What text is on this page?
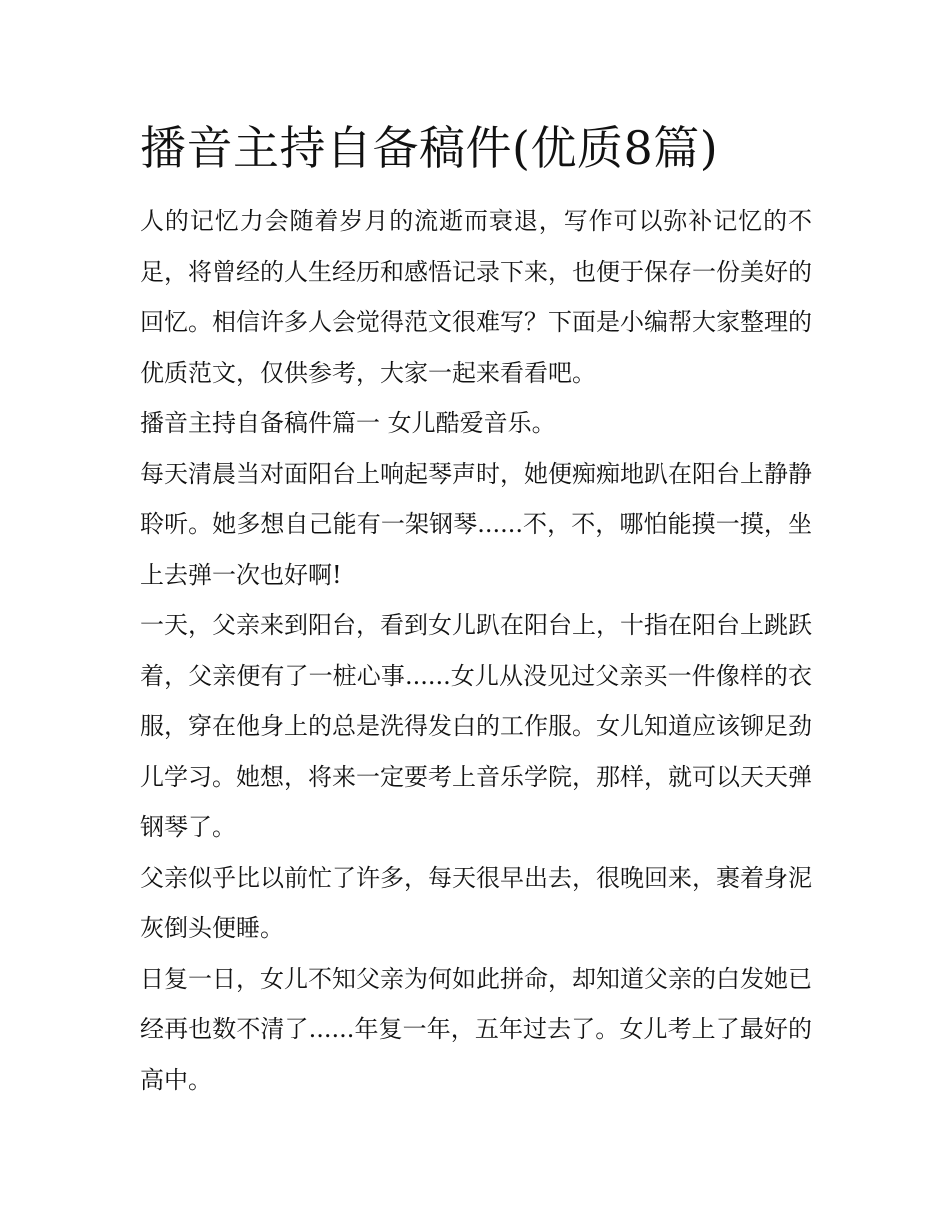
播音主持自备稿件(优质8篇)

人的记忆力会随着岁月的流逝而衰退，写作可以弥补记忆的不足，将曾经的人生经历和感悟记录下来，也便于保存一份美好的回忆。相信许多人会觉得范文很难写？下面是小编帮大家整理的优质范文，仅供参考，大家一起来看看吧。

播音主持自备稿件篇一 女儿酷爱音乐。

每天清晨当对面阳台上响起琴声时，她便痴痴地趴在阳台上静静聆听。她多想自己能有一架钢琴......不，不，哪怕能摸一摸，坐上去弹一次也好啊!

一天，父亲来到阳台，看到女儿趴在阳台上，十指在阳台上跳跃着，父亲便有了一桩心事......女儿从没见过父亲买一件像样的衣服，穿在他身上的总是洗得发白的工作服。女儿知道应该铆足劲儿学习。她想，将来一定要考上音乐学院，那样，就可以天天弹钢琴了。

父亲似乎比以前忙了许多，每天很早出去，很晚回来，裹着身泥灰倒头便睡。

日复一日，女儿不知父亲为何如此拼命，却知道父亲的白发她已经再也数不清了......年复一年，五年过去了。女儿考上了最好的高中。
